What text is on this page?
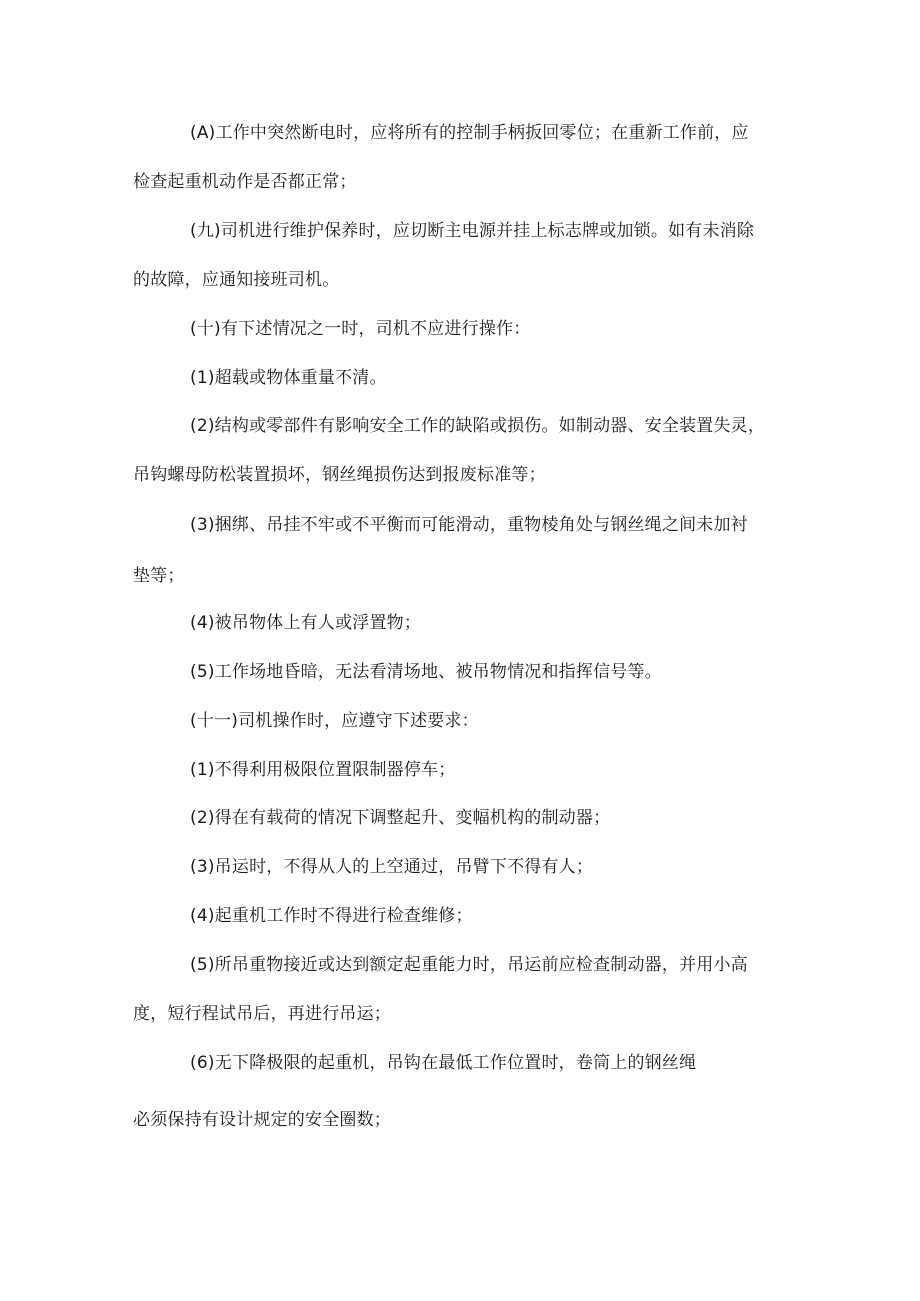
(A)工作中突然断电时，应将所有的控制手柄扳回零位；在重新工作前，应
检查起重机动作是否都正常；
(九)司机进行维护保养时，应切断主电源并挂上标志牌或加锁。如有未消除
的故障，应通知接班司机。
(十)有下述情况之一时，司机不应进行操作：
(1)超载或物体重量不清。
(2)结构或零部件有影响安全工作的缺陷或损伤。如制动器、安全装置失灵，
吊钩螺母防松装置损坏，钢丝绳损伤达到报废标准等；
(3)捆绑、吊挂不牢或不平衡而可能滑动，重物棱角处与钢丝绳之间未加衬
垫等；
(4)被吊物体上有人或浮置物；
(5)工作场地昏暗，无法看清场地、被吊物情况和指挥信号等。
(十一)司机操作时，应遵守下述要求：
(1)不得利用极限位置限制器停车；
(2)得在有载荷的情况下调整起升、变幅机构的制动器；
(3)吊运时，不得从人的上空通过，吊臂下不得有人；
(4)起重机工作时不得进行检查维修；
(5)所吊重物接近或达到额定起重能力时，吊运前应检查制动器，并用小高
度，短行程试吊后，再进行吊运；
(6)无下降极限的起重机，吊钩在最低工作位置时，卷筒上的钢丝绳
必须保持有设计规定的安全圈数；
